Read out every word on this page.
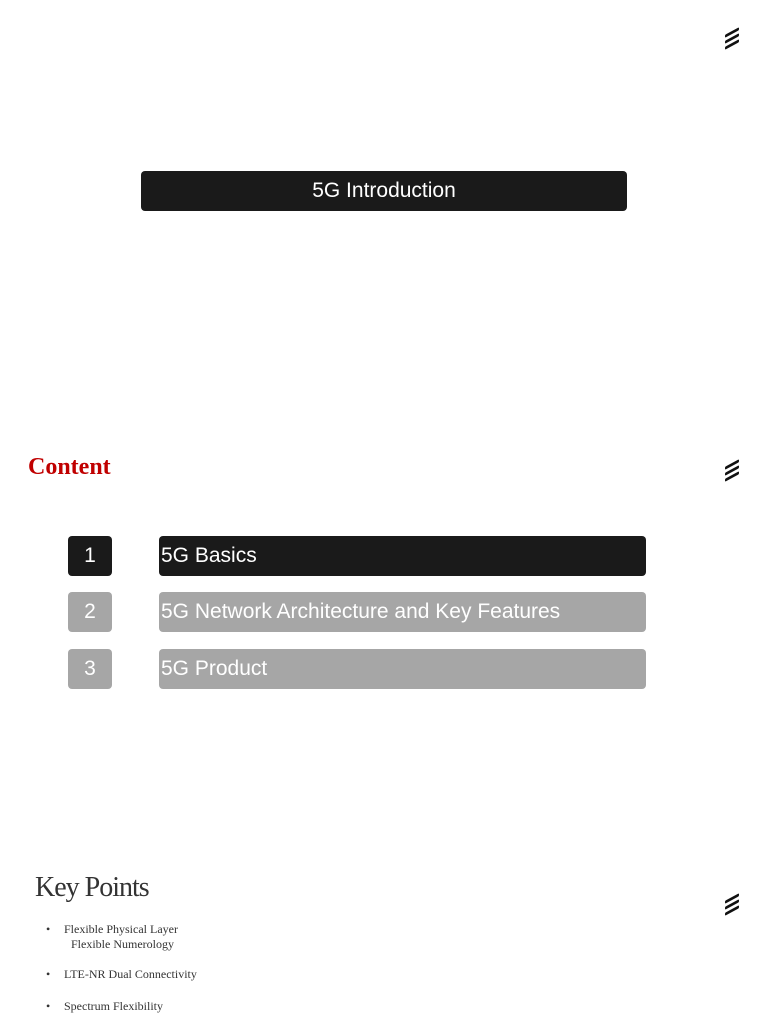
5G Introduction
Content
1	5G Basics
2	5G Network Architecture and Key Features
3	5G Product
Key Points
• Flexible Physical Layer
Flexible Numerology
• LTE-NR Dual Connectivity
• Spectrum Flexibility
